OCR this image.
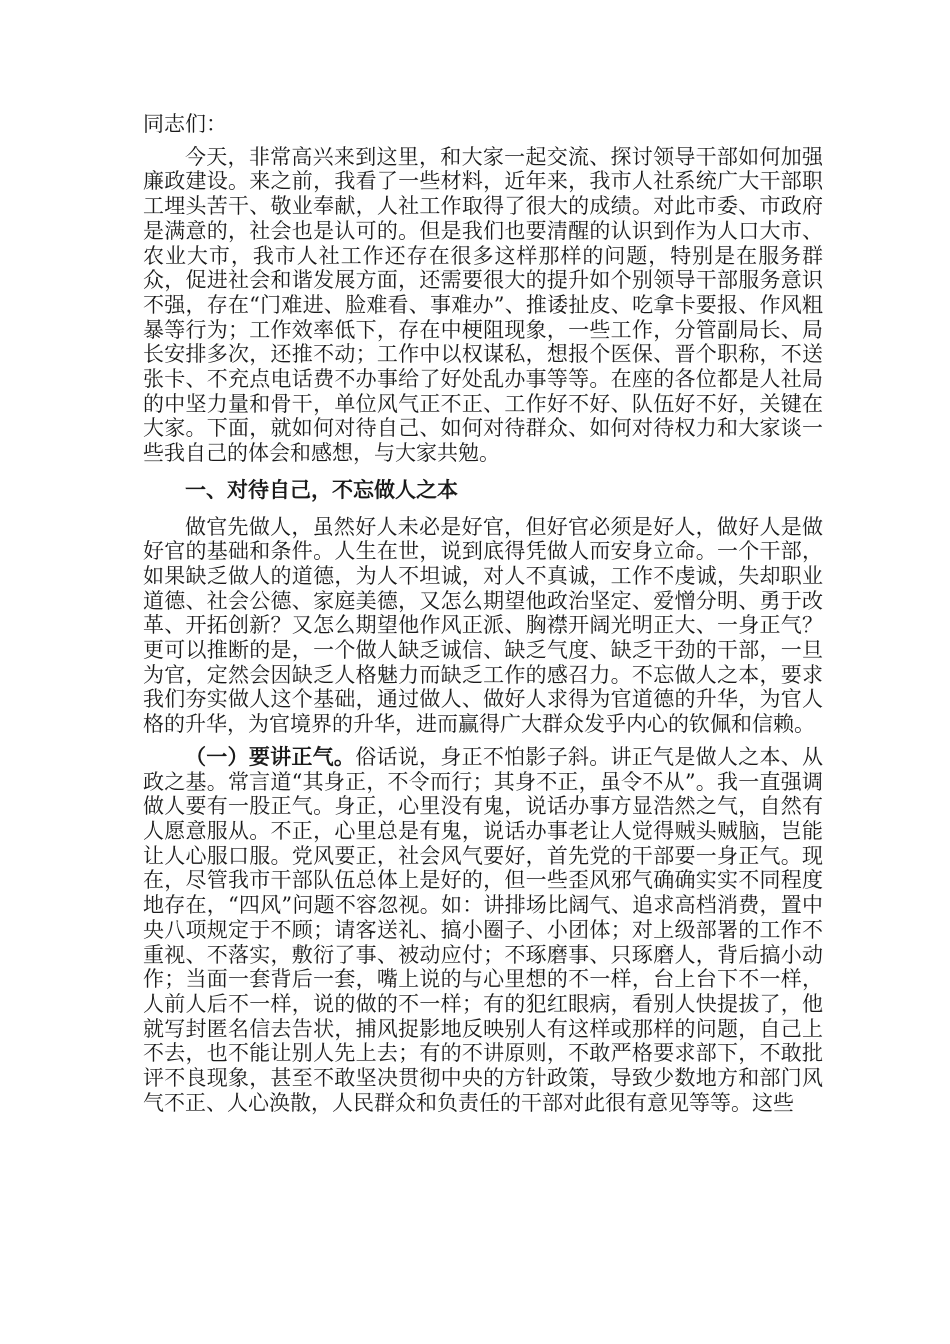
同志们：

今天，非常高兴来到这里，和大家一起交流、探讨领导干部如何加强廉政建设。来之前，我看了一些材料，近年来，我市人社系统广大干部职工埋头苦干、敬业奉献，人社工作取得了很大的成绩。对此市委、市政府是满意的，社会也是认可的。但是我们也要清醒的认识到作为人口大市、农业大市，我市人社工作还存在很多这样那样的问题，特别是在服务群众，促进社会和谐发展方面，还需要很大的提升如个别领导干部服务意识不强，存在“门难进、脸难看、事难办”、推诿扯皮、吃拿卡要报、作风粗暴等行为；工作效率低下，存在中梗阻现象，一些工作，分管副局长、局长安排多次，还推不动；工作中以权谋私，想报个医保、晋个职称，不送张卡、不充点电话费不办事给了好处乱办事等等。在座的各位都是人社局的中坚力量和骨干，单位风气正不正、工作好不好、队伍好不好，关键在大家。下面，就如何对待自己、如何对待群众、如何对待权力和大家谈一些我自己的体会和感想，与大家共勉。

一、对待自己，不忘做人之本

做官先做人，虽然好人未必是好官，但好官必须是好人，做好人是做好官的基础和条件。人生在世，说到底得凭做人而安身立命。一个干部，如果缺乏做人的道德，为人不坦诚，对人不真诚，工作不虔诚，失却职业道德、社会公德、家庭美德，又怎么期望他政治坚定、爱憎分明、勇于改革、开拓创新？又怎么期望他作风正派、胸襟开阔光明正大、一身正气？更可以推断的是，一个做人缺乏诚信、缺乏气度、缺乏干劲的干部，一旦为官，定然会因缺乏人格魅力而缺乏工作的感召力。不忘做人之本，要求我们夯实做人这个基础，通过做人、做好人求得为官道德的升华，为官人格的升华，为官境界的升华，进而赢得广大群众发乎内心的钦佩和信赖。

（一）要讲正气。俗话说，身正不怕影子斜。讲正气是做人之本、从政之基。常言道“其身正，不令而行；其身不正，虽令不从”。我一直强调做人要有一股正气。身正，心里没有鬼，说话办事方显浩然之气，自然有人愿意服从。不正，心里总是有鬼，说话办事老让人觉得贼头贼脑，岂能让人心服口服。党风要正，社会风气要好，首先党的干部要一身正气。现在，尽管我市干部队伍总体上是好的，但一些歪风邪气确确实实不同程度地存在，“四风”问题不容忽视。如：讲排场比阔气、追求高档消费，置中央八项规定于不顾；请客送礼、搞小圈子、小团体；对上级部署的工作不重视、不落实，敷衍了事、被动应付；不琢磨事、只琢磨人，背后搞小动作；当面一套背后一套，嘴上说的与心里想的不一样，台上台下不一样，人前人后不一样，说的做的不一样；有的犯红眼病，看别人快提拔了，他就写封匿名信去告状，捕风捉影地反映别人有这样或那样的问题，自己上不去，也不能让别人先上去；有的不讲原则，不敢严格要求部下，不敢批评不良现象，甚至不敢坚决贯彻中央的方针政策，导致少数地方和部门风气不正、人心涣散，人民群众和负责任的干部对此很有意见等等。这些
